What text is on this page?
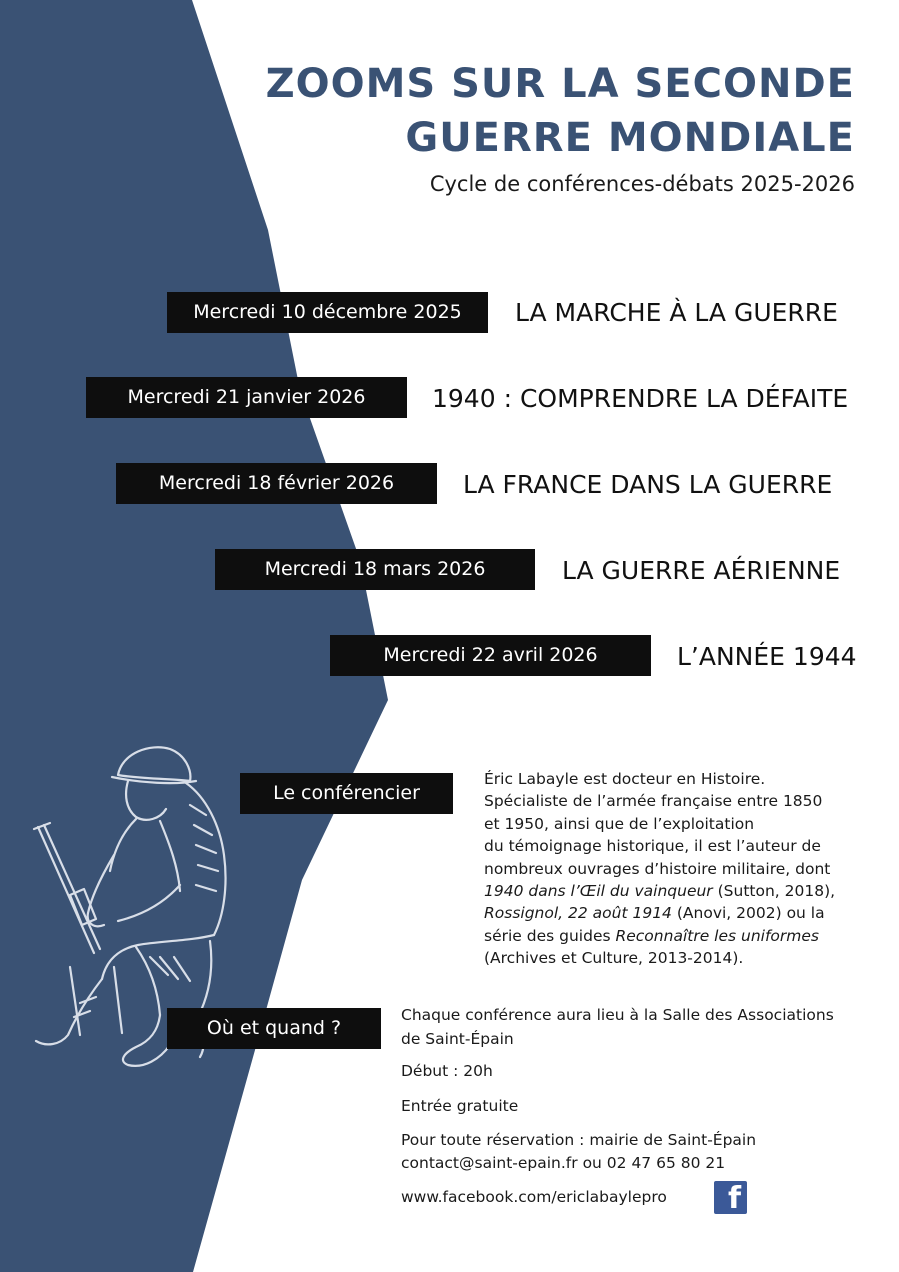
ZOOMS SUR LA SECONDE
GUERRE MONDIALE
Cycle de conférences-débats 2025-2026
Mercredi 10 décembre 2025	LA MARCHE À LA GUERRE
Mercredi 21 janvier 2026	1940 : COMPRENDRE LA DÉFAITE
Mercredi 18 février 2026	LA FRANCE DANS LA GUERRE
Mercredi 18 mars 2026	LA GUERRE AÉRIENNE
Mercredi 22 avril 2026	L’ANNÉE 1944
Le conférencier
Éric Labayle est docteur en Histoire.
Spécialiste de l’armée française entre 1850
et 1950, ainsi que de l’exploitation
du témoignage historique, il est l’auteur de
nombreux ouvrages d’histoire militaire, dont
1940 dans l’Œil du vainqueur (Sutton, 2018),
Rossignol, 22 août 1914 (Anovi, 2002) ou la
série des guides Reconnaître les uniformes
(Archives et Culture, 2013-2014).
Où et quand ?
Chaque conférence aura lieu à la Salle des Associations
de Saint-Épain
Début : 20h
Entrée gratuite
Pour toute réservation : mairie de Saint-Épain
contact@saint-epain.fr ou 02 47 65 80 21
www.facebook.com/ericlabaylepro f
